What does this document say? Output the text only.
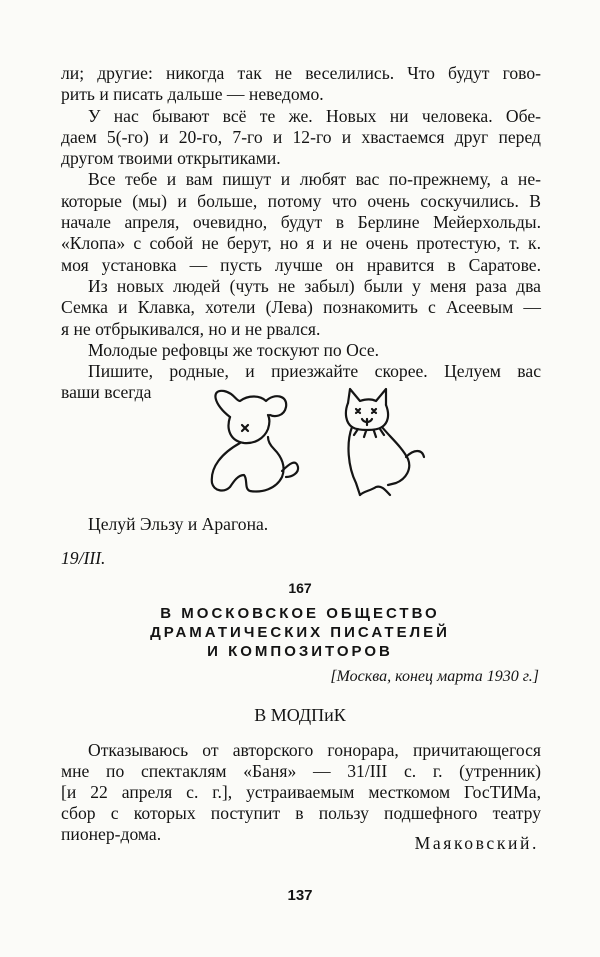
ли; другие: никогда так не веселились. Что будут гово-
рить и писать дальше — неведомо.
У нас бывают всё те же. Новых ни человека. Обе-
даем 5(-го) и 20-го, 7-го и 12-го и хвастаемся друг перед
другом твоими открытиками.
Все тебе и вам пишут и любят вас по-прежнему, а не-
которые (мы) и больше, потому что очень соскучились. В
начале апреля, очевидно, будут в Берлине Мейерхольды.
«Клопа» с собой не берут, но я и не очень протестую, т. к.
моя установка — пусть лучше он нравится в Саратове.
Из новых людей (чуть не забыл) были у меня раза два
Семка и Клавка, хотели (Лева) познакомить с Асеевым —
я не отбрыкивался, но и не рвался.
Молодые рефовцы же тоскуют по Осе.
Пишите, родные, и приезжайте скорее. Целуем вас
ваши всегда
Целуй Эльзу и Арагона.
19/III.
167
В МОСКОВСКОЕ ОБЩЕСТВО
ДРАМАТИЧЕСКИХ ПИСАТЕЛЕЙ
И КОМПОЗИТОРОВ
[Москва, конец марта 1930 г.]
В МОДПиК
Отказываюсь от авторского гонорара, причитающегося
мне по спектаклям «Баня» — 31/III с. г. (утренник)
[и 22 апреля с. г.], устраиваемым месткомом ГосТИМа,
сбор с которых поступит в пользу подшефного театру
пионер-дома.	Маяковский.
137
